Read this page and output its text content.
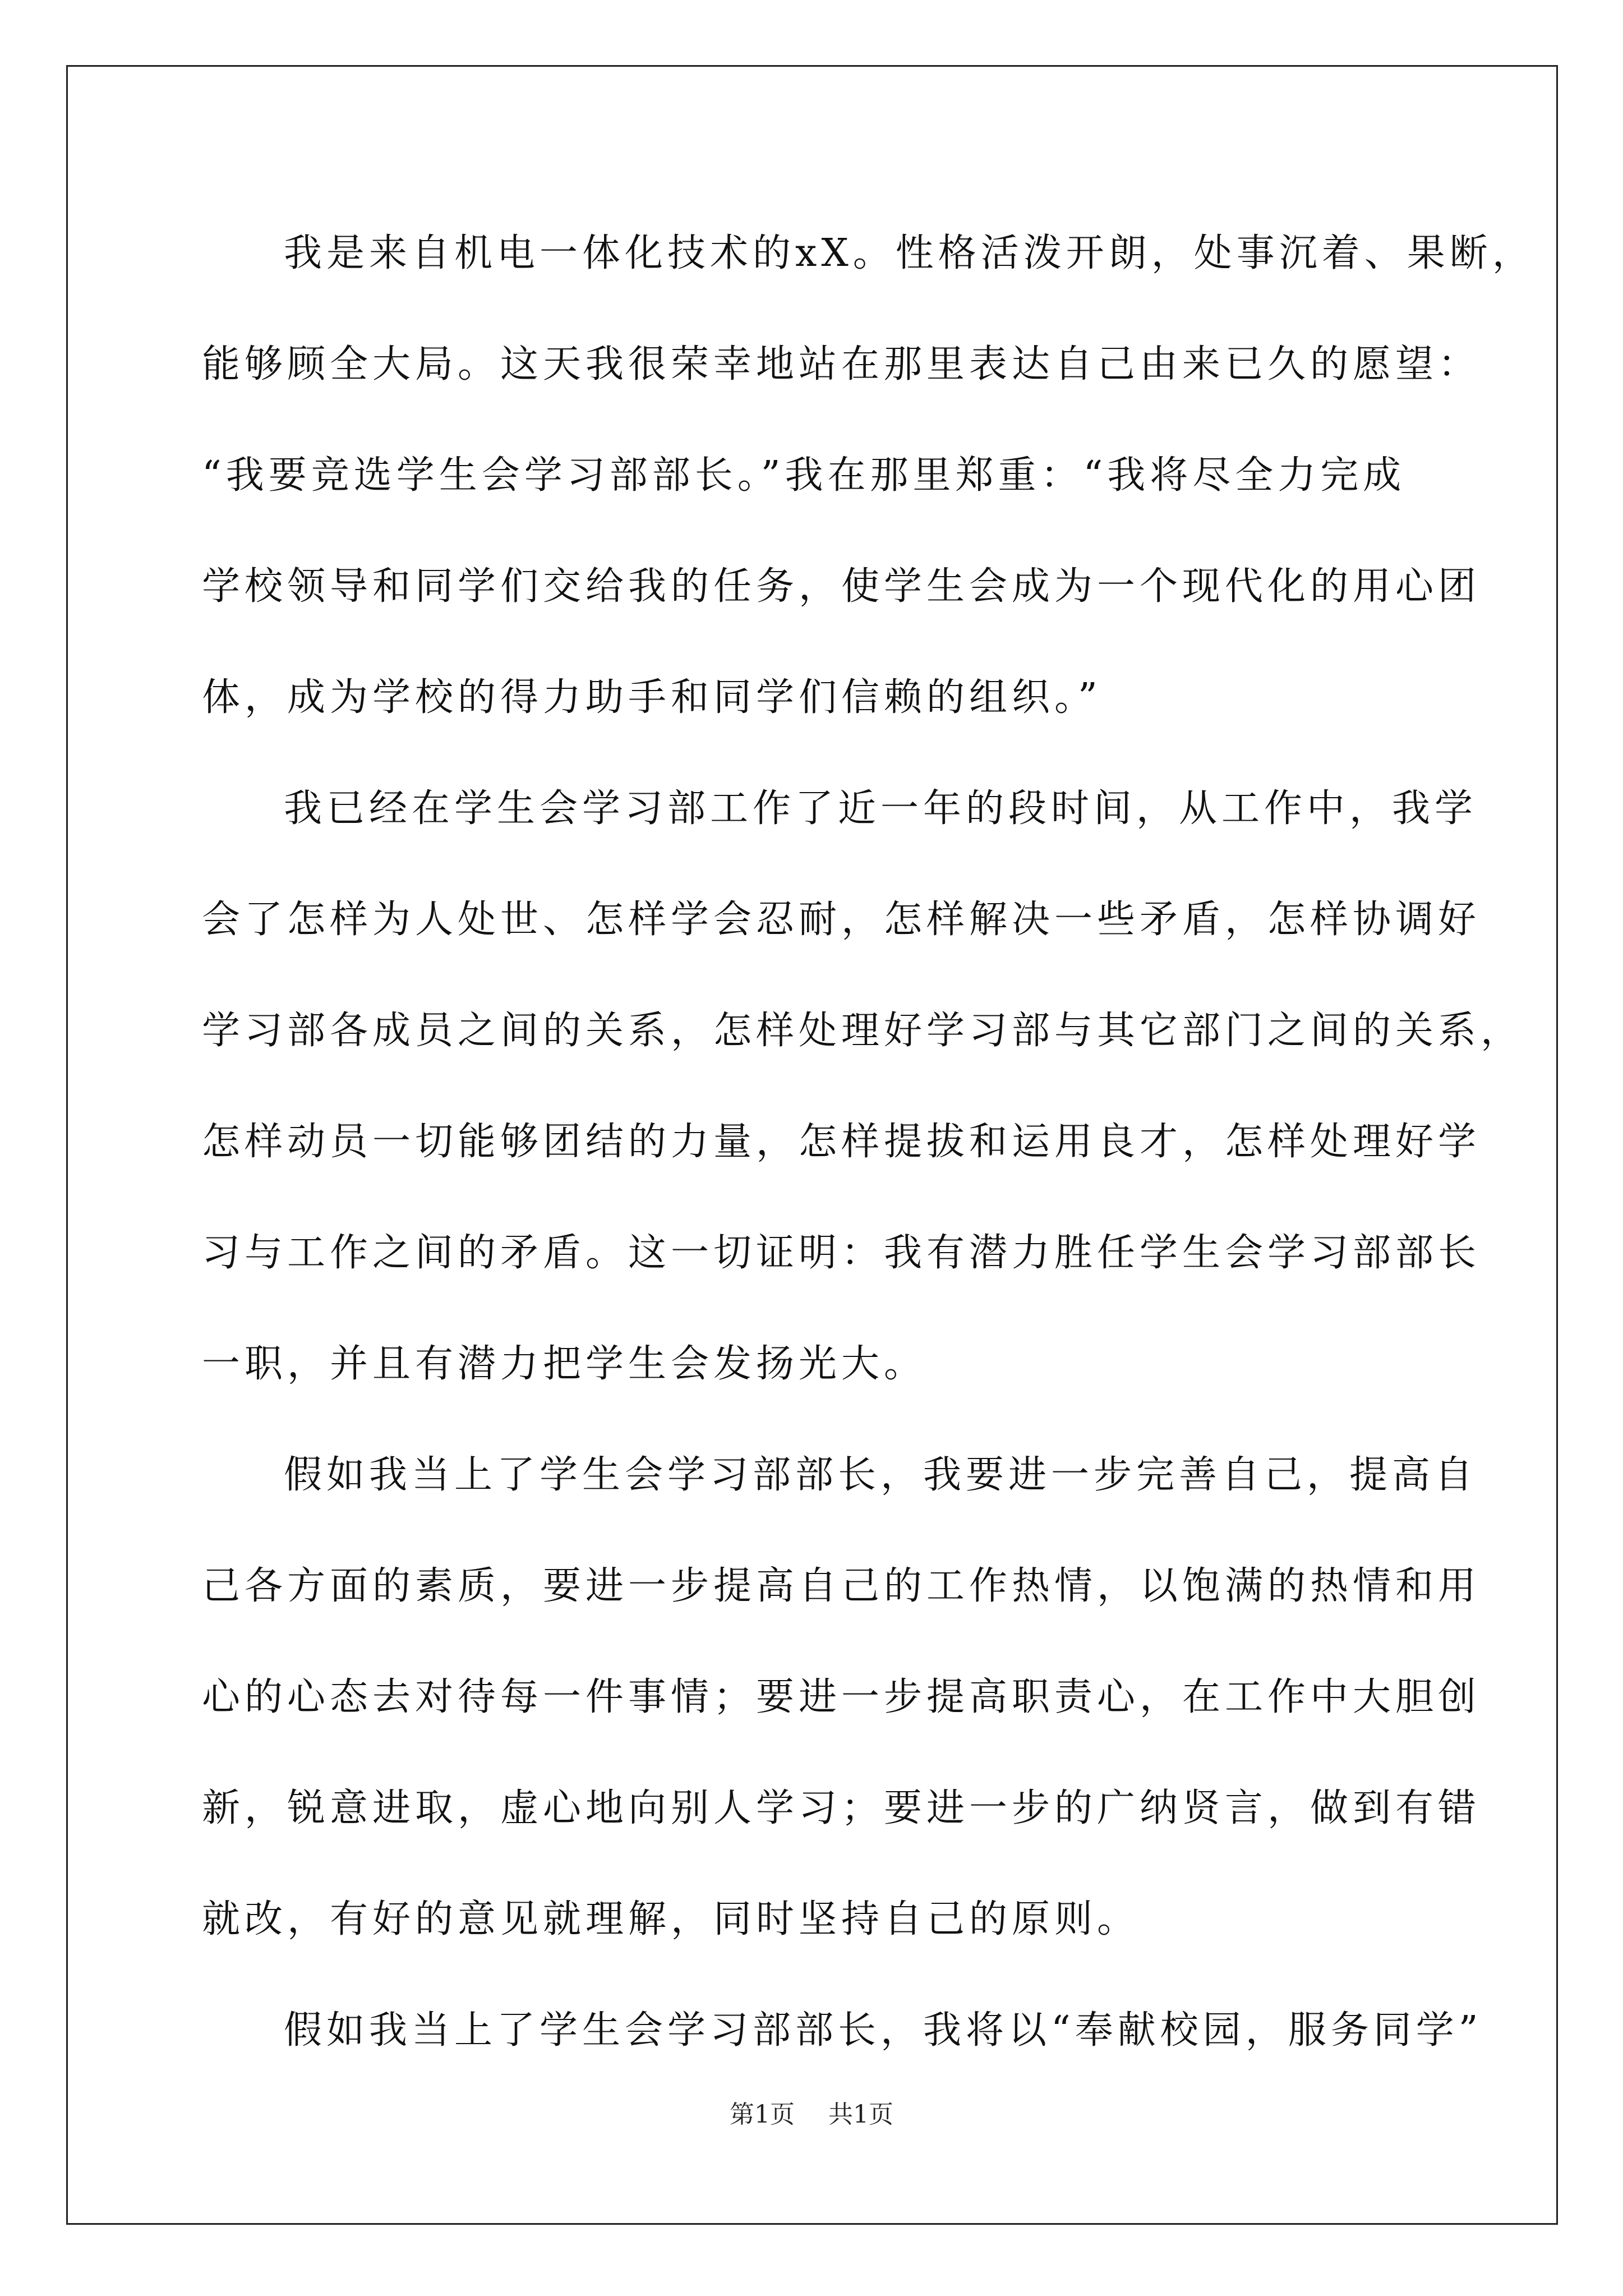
我是来自机电一体化技术的xX。性格活泼开朗，处事沉着、果断，
能够顾全大局。这天我很荣幸地站在那里表达自己由来已久的愿望：
“我要竞选学生会学习部部长。”我在那里郑重：“我将尽全力完成
学校领导和同学们交给我的任务，使学生会成为一个现代化的用心团
体，成为学校的得力助手和同学们信赖的组织。”
我已经在学生会学习部工作了近一年的段时间，从工作中，我学
会了怎样为人处世、怎样学会忍耐，怎样解决一些矛盾，怎样协调好
学习部各成员之间的关系，怎样处理好学习部与其它部门之间的关系，
怎样动员一切能够团结的力量，怎样提拔和运用良才，怎样处理好学
习与工作之间的矛盾。这一切证明：我有潜力胜任学生会学习部部长
一职，并且有潜力把学生会发扬光大。
假如我当上了学生会学习部部长，我要进一步完善自己，提高自
己各方面的素质，要进一步提高自己的工作热情，以饱满的热情和用
心的心态去对待每一件事情；要进一步提高职责心，在工作中大胆创
新，锐意进取，虚心地向别人学习；要进一步的广纳贤言，做到有错
就改，有好的意见就理解，同时坚持自己的原则。
假如我当上了学生会学习部部长，我将以“奉献校园，服务同学”
第1页 共1页
